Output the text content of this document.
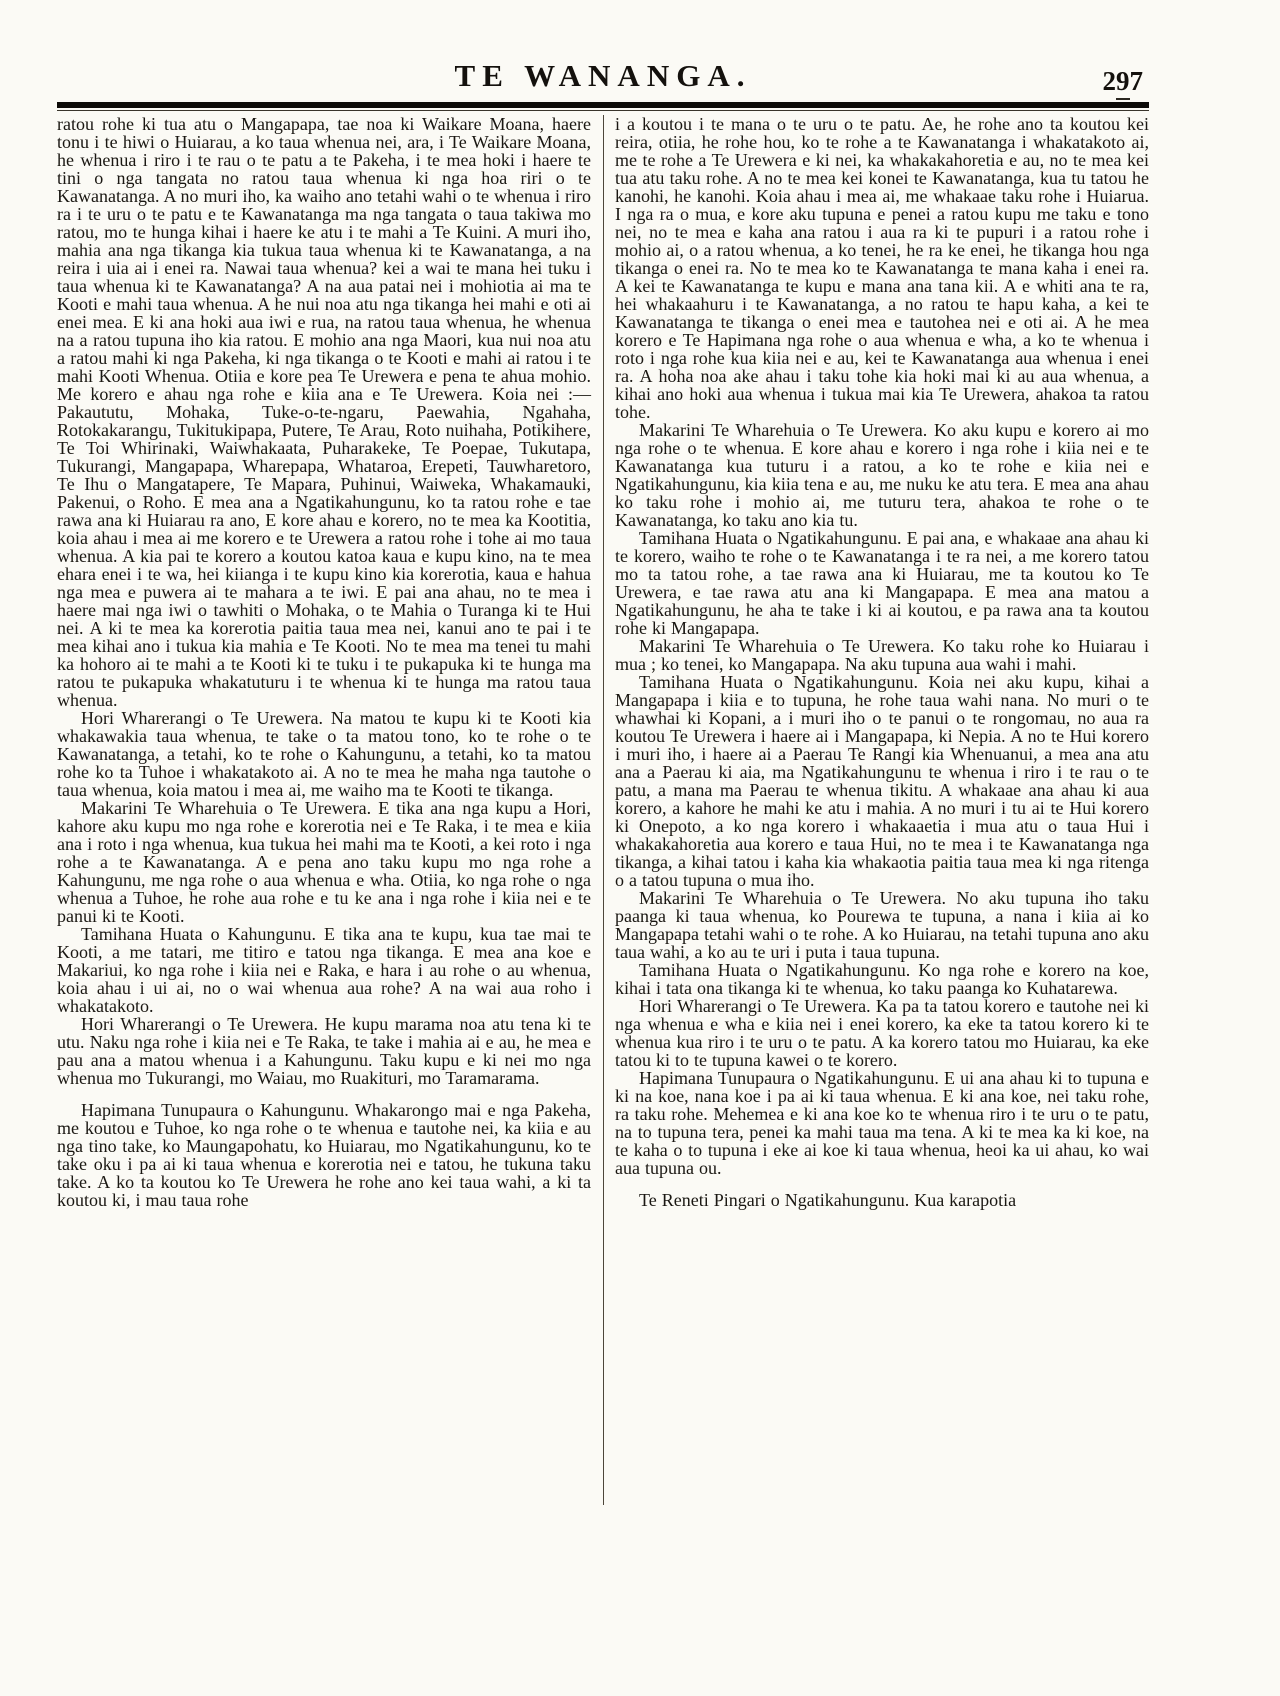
TE WANANGA.	297

ratou rohe ki tua atu o Mangapapa, tae noa ki Waikare Moana, haere tonu i te hiwi o Huiarau, a ko taua whenua nei, ara, i Te Waikare Moana, he whenua i riro i te rau o te patu a te Pakeha, i te mea hoki i haere te tini o nga tangata no ratou taua whenua ki nga hoa riri o te Kawanatanga. A no muri iho, ka waiho ano tetahi wahi o te whenua i riro ra i te uru o te patu e te Kawanatanga ma nga tangata o taua takiwa mo ratou, mo te hunga kihai i haere ke atu i te mahi a Te Kuini. A muri iho, mahia ana nga tikanga kia tukua taua whenua ki te Kawanatanga, a na reira i uia ai i enei ra. Nawai taua whenua? kei a wai te mana hei tuku i taua whenua ki te Kawanatanga? A na aua patai nei i mohiotia ai ma te Kooti e mahi taua whenua. A he nui noa atu nga tikanga hei mahi e oti ai enei mea. E ki ana hoki aua iwi e rua, na ratou taua whenua, he whenua na a ratou tupuna iho kia ratou. E mohio ana nga Maori, kua nui noa atu a ratou mahi ki nga Pakeha, ki nga tikanga o te Kooti e mahi ai ratou i te mahi Kooti Whenua. Otiia e kore pea Te Urewera e pena te ahua mohio. Me korero e ahau nga rohe e kiia ana e Te Urewera. Koia nei :—Pakaututu, Mohaka, Tuke-o-te-ngaru, Paewahia, Ngahaha, Rotokakarangu, Tukitukipapa, Putere, Te Arau, Roto nuihaha, Potikihere, Te Toi Whirinaki, Waiwhakaata, Puharakeke, Te Poepae, Tukutapa, Tukurangi, Mangapapa, Wharepapa, Whataroa, Erepeti, Tauwharetoro, Te Ihu o Mangatapere, Te Mapara, Puhinui, Waiweka, Whakamauki, Pakenui, o Roho. E mea ana a Ngatikahungunu, ko ta ratou rohe e tae rawa ana ki Huiarau ra ano, E kore ahau e korero, no te mea ka Kootitia, koia ahau i mea ai me korero e te Urewera a ratou rohe i tohe ai mo taua whenua. A kia pai te korero a koutou katoa kaua e kupu kino, na te mea ehara enei i te wa, hei kiianga i te kupu kino kia korerotia, kaua e hahua nga mea e puwera ai te mahara a te iwi. E pai ana ahau, no te mea i haere mai nga iwi o tawhiti o Mohaka, o te Mahia o Turanga ki te Hui nei. A ki te mea ka korerotia paitia taua mea nei, kanui ano te pai i te mea kihai ano i tukua kia mahia e Te Kooti. No te mea ma tenei tu mahi ka hohoro ai te mahi a te Kooti ki te tuku i te pukapuka ki te hunga ma ratou te pukapuka whakatuturu i te whenua ki te hunga ma ratou taua whenua.

Hori Wharerangi o Te Urewera. Na matou te kupu ki te Kooti kia whakawakia taua whenua, te take o ta matou tono, ko te rohe o te Kawanatanga, a tetahi, ko te rohe o Kahungunu, a tetahi, ko ta matou rohe ko ta Tuhoe i whakatakoto ai. A no te mea he maha nga tautohe o taua whenua, koia matou i mea ai, me waiho ma te Kooti te tikanga.

Makarini Te Wharehuia o Te Urewera. E tika ana nga kupu a Hori, kahore aku kupu mo nga rohe e korerotia nei e Te Raka, i te mea e kiia ana i roto i nga whenua, kua tukua hei mahi ma te Kooti, a kei roto i nga rohe a te Kawanatanga. A e pena ano taku kupu mo nga rohe a Kahungunu, me nga rohe o aua whenua e wha. Otiia, ko nga rohe o nga whenua a Tuhoe, he rohe aua rohe e tu ke ana i nga rohe i kiia nei e te panui ki te Kooti.

Tamihana Huata o Kahungunu. E tika ana te kupu, kua tae mai te Kooti, a me tatari, me titiro e tatou nga tikanga. E mea ana koe e Makariui, ko nga rohe i kiia nei e Raka, e hara i au rohe o au whenua, koia ahau i ui ai, no o wai whenua aua rohe? A na wai aua roho i whakatakoto.

Hori Wharerangi o Te Urewera. He kupu marama noa atu tena ki te utu. Naku nga rohe i kiia nei e Te Raka, te take i mahia ai e au, he mea e pau ana a matou whenua i a Kahungunu. Taku kupu e ki nei mo nga whenua mo Tukurangi, mo Waiau, mo Ruakituri, mo Taramarama.

Hapimana Tunupaura o Kahungunu. Whakarongo mai e nga Pakeha, me koutou e Tuhoe, ko nga rohe o te whenua e tautohe nei, ka kiia e au nga tino take, ko Maungapohatu, ko Huiarau, mo Ngatikahungunu, ko te take oku i pa ai ki taua whenua e korerotia nei e tatou, he tukuna taku take. A ko ta koutou ko Te Urewera he rohe ano kei taua wahi, a ki ta koutou ki, i mau taua rohe

i a koutou i te mana o te uru o te patu. Ae, he rohe ano ta koutou kei reira, otiia, he rohe hou, ko te rohe a te Kawanatanga i whakatakoto ai, me te rohe a Te Urewera e ki nei, ka whakakahoretia e au, no te mea kei tua atu taku rohe. A no te mea kei konei te Kawanatanga, kua tu tatou he kanohi, he kanohi. Koia ahau i mea ai, me whakaae taku rohe i Huiarua. I nga ra o mua, e kore aku tupuna e penei a ratou kupu me taku e tono nei, no te mea e kaha ana ratou i aua ra ki te pupuri i a ratou rohe i mohio ai, o a ratou whenua, a ko tenei, he ra ke enei, he tikanga hou nga tikanga o enei ra. No te mea ko te Kawanatanga te mana kaha i enei ra. A kei te Kawanatanga te kupu e mana ana tana kii. A e whiti ana te ra, hei whakaahuru i te Kawanatanga, a no ratou te hapu kaha, a kei te Kawanatanga te tikanga o enei mea e tautohea nei e oti ai. A he mea korero e Te Hapimana nga rohe o aua whenua e wha, a ko te whenua i roto i nga rohe kua kiia nei e au, kei te Kawanatanga aua whenua i enei ra. A hoha noa ake ahau i taku tohe kia hoki mai ki au aua whenua, a kihai ano hoki aua whenua i tukua mai kia Te Urewera, ahakoa ta ratou tohe.

Makarini Te Wharehuia o Te Urewera. Ko aku kupu e korero ai mo nga rohe o te whenua. E kore ahau e korero i nga rohe i kiia nei e te Kawanatanga kua tuturu i a ratou, a ko te rohe e kiia nei e Ngatikahungunu, kia kiia tena e au, me nuku ke atu tera. E mea ana ahau ko taku rohe i mohio ai, me tuturu tera, ahakoa te rohe o te Kawanatanga, ko taku ano kia tu.

Tamihana Huata o Ngatikahungunu. E pai ana, e whakaae ana ahau ki te korero, waiho te rohe o te Kawanatanga i te ra nei, a me korero tatou mo ta tatou rohe, a tae rawa ana ki Huiarau, me ta koutou ko Te Urewera, e tae rawa atu ana ki Mangapapa. E mea ana matou a Ngatikahungunu, he aha te take i ki ai koutou, e pa rawa ana ta koutou rohe ki Mangapapa.

Makarini Te Wharehuia o Te Urewera. Ko taku rohe ko Huiarau i mua ; ko tenei, ko Mangapapa. Na aku tupuna aua wahi i mahi.

Tamihana Huata o Ngatikahungunu. Koia nei aku kupu, kihai a Mangapapa i kiia e to tupuna, he rohe taua wahi nana. No muri o te whawhai ki Kopani, a i muri iho o te panui o te rongomau, no aua ra koutou Te Urewera i haere ai i Mangapapa, ki Nepia. A no te Hui korero i muri iho, i haere ai a Paerau Te Rangi kia Whenuanui, a mea ana atu ana a Paerau ki aia, ma Ngatikahungunu te whenua i riro i te rau o te patu, a mana ma Paerau te whenua tikitu. A whakaae ana ahau ki aua korero, a kahore he mahi ke atu i mahia. A no muri i tu ai te Hui korero ki Onepoto, a ko nga korero i whakaaetia i mua atu o taua Hui i whakakahoretia aua korero e taua Hui, no te mea i te Kawanatanga nga tikanga, a kihai tatou i kaha kia whakaotia paitia taua mea ki nga ritenga o a tatou tupuna o mua iho.

Makarini Te Wharehuia o Te Urewera. No aku tupuna iho taku paanga ki taua whenua, ko Pourewa te tupuna, a nana i kiia ai ko Mangapapa tetahi wahi o te rohe. A ko Huiarau, na tetahi tupuna ano aku taua wahi, a ko au te uri i puta i taua tupuna.

Tamihana Huata o Ngatikahungunu. Ko nga rohe e korero na koe, kihai i tata ona tikanga ki te whenua, ko taku paanga ko Kuhatarewa.

Hori Wharerangi o Te Urewera. Ka pa ta tatou korero e tautohe nei ki nga whenua e wha e kiia nei i enei korero, ka eke ta tatou korero ki te whenua kua riro i te uru o te patu. A ka korero tatou mo Huiarau, ka eke tatou ki to te tupuna kawei o te korero.

Hapimana Tunupaura o Ngatikahungunu. E ui ana ahau ki to tupuna e ki na koe, nana koe i pa ai ki taua whenua. E ki ana koe, nei taku rohe, ra taku rohe. Mehemea e ki ana koe ko te whenua riro i te uru o te patu, na to tupuna tera, penei ka mahi taua ma tena. A ki te mea ka ki koe, na te kaha o to tupuna i eke ai koe ki taua whenua, heoi ka ui ahau, ko wai aua tupuna ou.

Te Reneti Pingari o Ngatikahungunu. Kua karapotia
